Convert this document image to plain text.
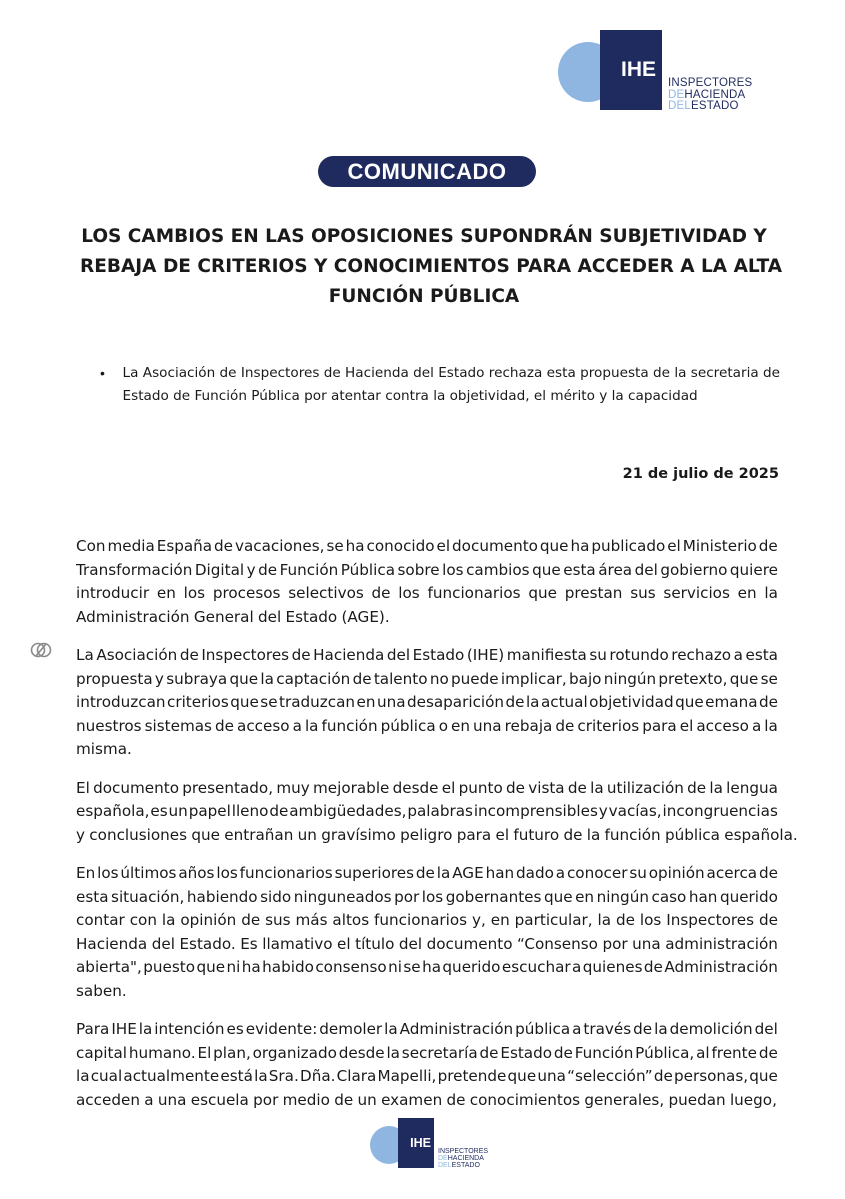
IHE
INSPECTORES
DEHACIENDA
DELESTADO
COMUNICADO
LOS CAMBIOS EN LAS OPOSICIONES SUPONDRÁN SUBJETIVIDAD Y
REBAJA DE CRITERIOS Y CONOCIMIENTOS PARA ACCEDER A LA ALTA
FUNCIÓN PÚBLICA
•	La Asociación de Inspectores de Hacienda del Estado rechaza esta propuesta de la secretaria de
Estado de Función Pública por atentar contra la objetividad, el mérito y la capacidad
21 de julio de 2025
Con media España de vacaciones, se ha conocido el documento que ha publicado el Ministerio de
Transformación Digital y de Función Pública sobre los cambios que esta área del gobierno quiere
introducir en los procesos selectivos de los funcionarios que prestan sus servicios en la
Administración General del Estado (AGE).
La Asociación de Inspectores de Hacienda del Estado (IHE) manifiesta su rotundo rechazo a esta
propuesta y subraya que la captación de talento no puede implicar, bajo ningún pretexto, que se
introduzcan criterios que se traduzcan en una desaparición de la actual objetividad que emana de
nuestros sistemas de acceso a la función pública o en una rebaja de criterios para el acceso a la
misma.
El documento presentado, muy mejorable desde el punto de vista de la utilización de la lengua
española, es un papel lleno de ambigüedades, palabras incomprensibles y vacías, incongruencias
y conclusiones que entrañan un gravísimo peligro para el futuro de la función pública española.
En los últimos años los funcionarios superiores de la AGE han dado a conocer su opinión acerca de
esta situación, habiendo sido ninguneados por los gobernantes que en ningún caso han querido
contar con la opinión de sus más altos funcionarios y, en particular, la de los Inspectores de
Hacienda del Estado. Es llamativo el título del documento “Consenso por una administración
abierta", puesto que ni ha habido consenso ni se ha querido escuchar a quienes de Administración
saben.
Para IHE la intención es evidente: demoler la Administración pública a través de la demolición del
capital humano. El plan, organizado desde la secretaría de Estado de Función Pública, al frente de
la cual actualmente está la Sra. Dña. Clara Mapelli, pretende que una “selección” de personas, que
acceden a una escuela por medio de un examen de conocimientos generales, puedan luego,
IHE
INSPECTORES
DEHACIENDA
DELESTADO
